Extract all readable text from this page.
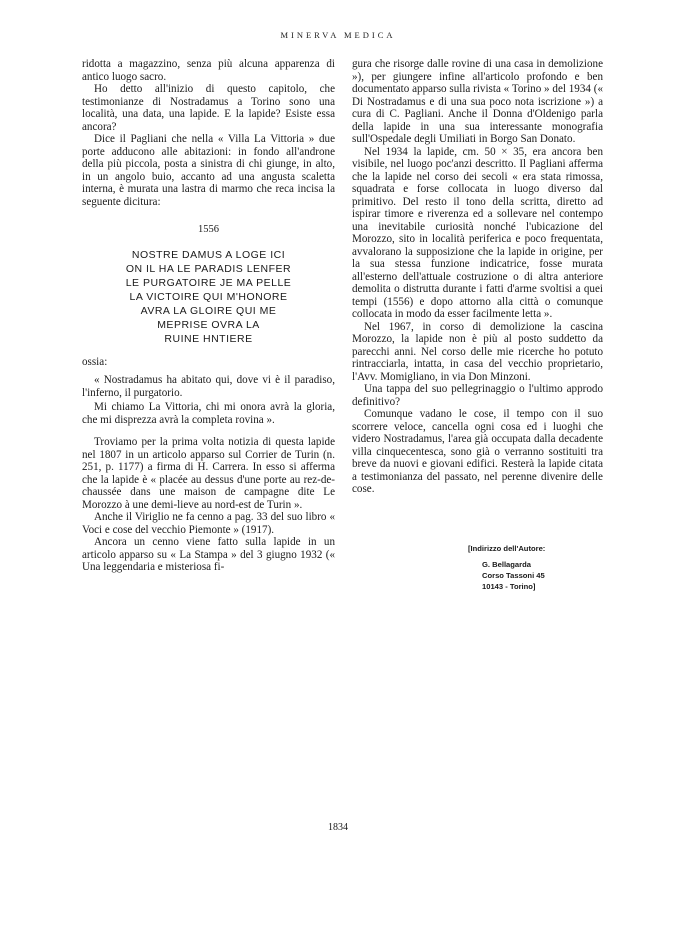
MINERVA MEDICA

ridotta a magazzino, senza più alcuna apparenza di antico luogo sacro.

Ho detto all'inizio di questo capitolo, che testimonianze di Nostradamus a Torino sono una località, una data, una lapide. E la lapide? Esiste essa ancora?

Dice il Pagliani che nella « Villa La Vittoria » due porte adducono alle abitazioni: in fondo all'androne della più piccola, posta a sinistra di chi giunge, in alto, in un angolo buio, accanto ad una angusta scaletta interna, è murata una lastra di marmo che reca incisa la seguente dicitura:

1556
NOSTRE DAMUS A LOGE ICI
ON IL HA LE PARADIS LENFER
LE PURGATOIRE JE MA PELLE
LA VICTOIRE QUI M'HONORE
AVRA LA GLOIRE QUI ME
MEPRISE OVRA LA
RUINE HNTIERE

ossia:

« Nostradamus ha abitato qui, dove vi è il paradiso, l'inferno, il purgatorio.

Mi chiamo La Vittoria, chi mi onora avrà la gloria, che mi disprezza avrà la completa rovina ».

Troviamo per la prima volta notizia di questa lapide nel 1807 in un articolo apparso sul Corrier de Turin (n. 251, p. 1177) a firma di H. Carrera. In esso si afferma che la lapide è « placée au dessus d'une porte au rez-de-chaussée dans une maison de campagne dite Le Morozzo à une demi-lieve au nord-est de Turin ».

Anche il Viriglio ne fa cenno a pag. 33 del suo libro « Voci e cose del vecchio Piemonte » (1917).

Ancora un cenno viene fatto sulla lapide in un articolo apparso su « La Stampa » del 3 giugno 1932 (« Una leggendaria e misteriosa fi-

gura che risorge dalle rovine di una casa in demolizione »), per giungere infine all'articolo profondo e ben documentato apparso sulla rivista « Torino » del 1934 (« Di Nostradamus e di una sua poco nota iscrizione ») a cura di C. Pagliani. Anche il Donna d'Oldenigo parla della lapide in una sua interessante monografia sull'Ospedale degli Umiliati in Borgo San Donato.

Nel 1934 la lapide, cm. 50 × 35, era ancora ben visibile, nel luogo poc'anzi descritto. Il Pagliani afferma che la lapide nel corso dei secoli « era stata rimossa, squadrata e forse collocata in luogo diverso dal primitivo. Del resto il tono della scritta, diretto ad ispirar timore e riverenza ed a sollevare nel contempo una inevitabile curiosità nonché l'ubicazione del Morozzo, sito in località periferica e poco frequentata, avvalorano la supposizione che la lapide in origine, per la sua stessa funzione indicatrice, fosse murata all'esterno dell'attuale costruzione o di altra anteriore demolita o distrutta durante i fatti d'arme svoltisi a quei tempi (1556) e dopo attorno alla città o comunque collocata in modo da esser facilmente letta ».

Nel 1967, in corso di demolizione la cascina Morozzo, la lapide non è più al posto suddetto da parecchi anni. Nel corso delle mie ricerche ho potuto rintracciarla, intatta, in casa del vecchio proprietario, l'Avv. Momigliano, in via Don Minzoni.

Una tappa del suo pellegrinaggio o l'ultimo approdo definitivo?

Comunque vadano le cose, il tempo con il suo scorrere veloce, cancella ogni cosa ed i luoghi che videro Nostradamus, l'area già occupata dalla decadente villa cinquecentesca, sono già o verranno sostituiti tra breve da nuovi e giovani edifici. Resterà la lapide citata a testimonianza del passato, nel perenne divenire delle cose.

[Indirizzo dell'Autore:
G. Bellagarda
Corso Tassoni 45
10143 - Torino]
1834
